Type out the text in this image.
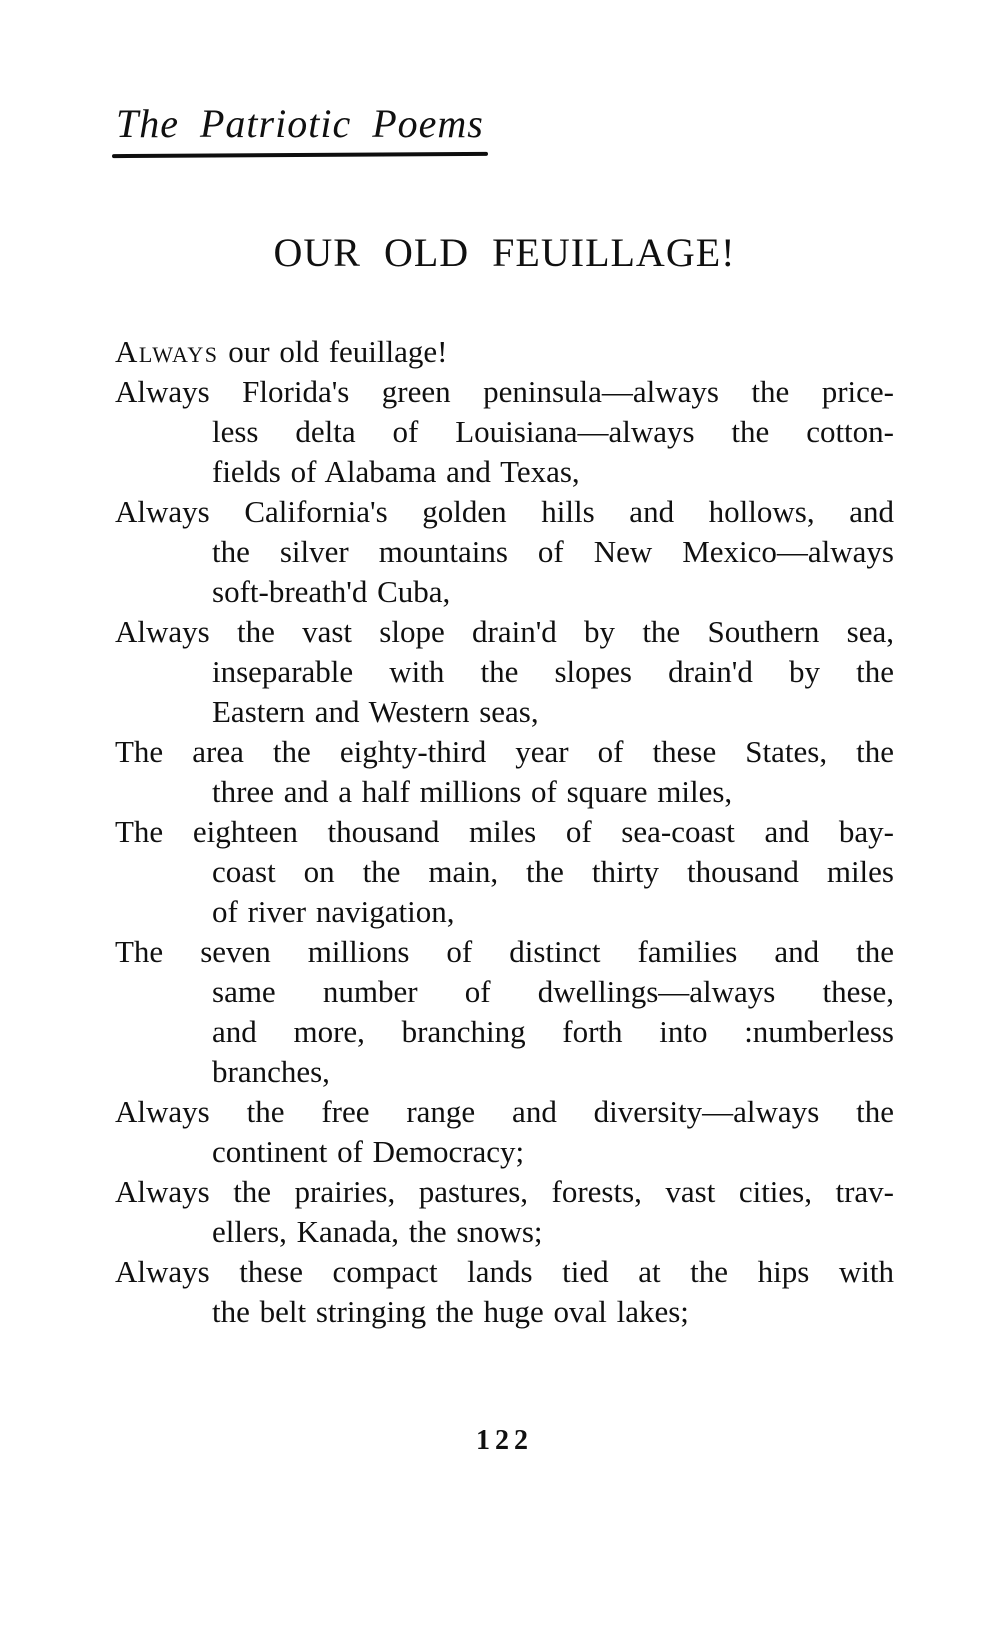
The Patriotic Poems
OUR OLD FEUILLAGE!
Always our old feuillage!
Always Florida's green peninsula—always the price-
less delta of Louisiana—always the cotton-
fields of Alabama and Texas,
Always California's golden hills and hollows, and
the silver mountains of New Mexico—always
soft-breath'd Cuba,
Always the vast slope drain'd by the Southern sea,
inseparable with the slopes drain'd by the
Eastern and Western seas,
The area the eighty-third year of these States, the
three and a half millions of square miles,
The eighteen thousand miles of sea-coast and bay-
coast on the main, the thirty thousand miles
of river navigation,
The seven millions of distinct families and the
same number of dwellings—always these,
and more, branching forth into :numberless
branches,
Always the free range and diversity—always the
continent of Democracy;
Always the prairies, pastures, forests, vast cities, trav-
ellers, Kanada, the snows;
Always these compact lands tied at the hips with
the belt stringing the huge oval lakes;
122
